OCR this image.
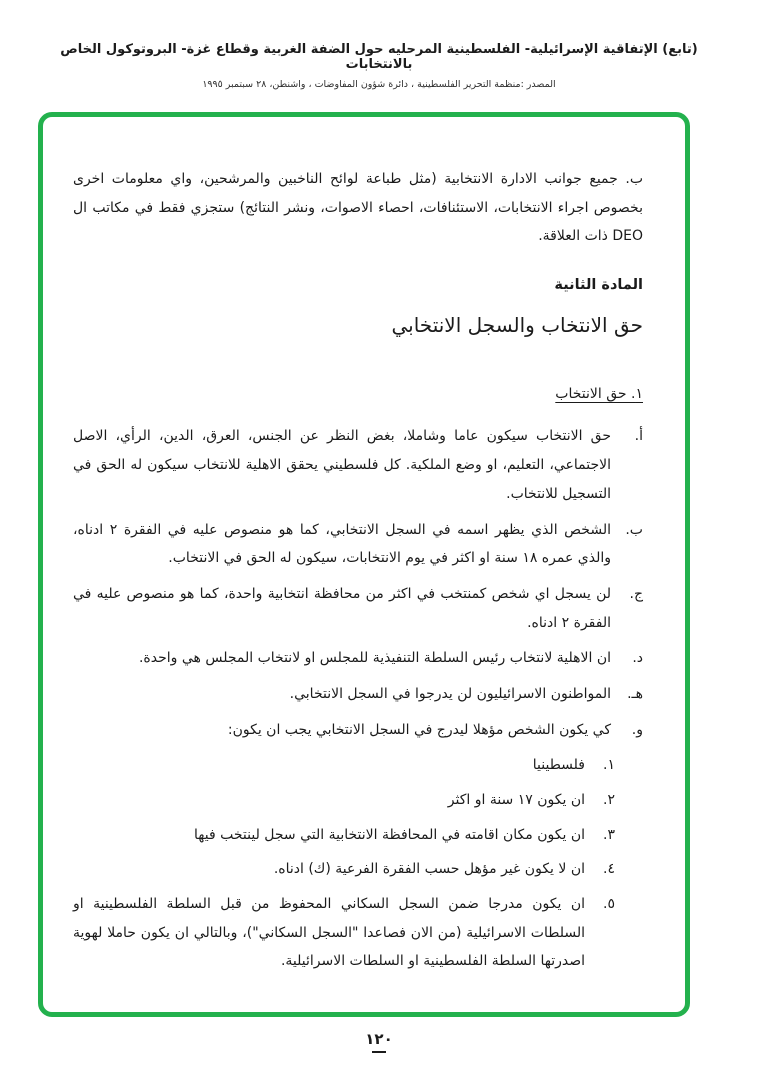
(تابع) الإتفاقية الإسرائيلية- الفلسطينية المرحليه حول الضفة الغربية وقطاع غزة- البروتوكول الخاص بالانتخابات
المصدر :منظمة التحرير الفلسطينية ، دائرة شؤون المفاوضات ، واشنطن، ٢٨ سبتمبر ١٩٩٥
ب. جميع جوانب الادارة الانتخابية (مثل طباعة لوائح الناخبين والمرشحين، واي معلومات اخرى بخصوص اجراء الانتخابات، الاستئنافات، احصاء الاصوات، ونشر النتائج) ستجزي فقط في مكاتب ال DEO ذات العلاقة.
المادة الثانية
حق الانتخاب والسجل الانتخابي
١. حق الانتخاب
أ.
حق الانتخاب سيكون عاما وشاملا، بغض النظر عن الجنس، العرق، الدين، الرأي، الاصل الاجتماعي، التعليم، او وضع الملكية. كل فلسطيني يحقق الاهلية للانتخاب سيكون له الحق في التسجيل للانتخاب.
ب.
الشخص الذي يظهر اسمه في السجل الانتخابي، كما هو منصوص عليه في الفقرة ٢ ادناه، والذي عمره ١٨ سنة او اكثر في يوم الانتخابات، سيكون له الحق في الانتخاب.
ج.
لن يسجل اي شخص كمنتخب في اكثر من محافظة انتخابية واحدة، كما هو منصوص عليه في الفقرة ٢ ادناه.
د.
ان الاهلية لانتخاب رئيس السلطة التنفيذية للمجلس او لانتخاب المجلس هي واحدة.
هـ.
المواطنون الاسرائيليون لن يدرجوا في السجل الانتخابي.
و.
كي يكون الشخص مؤهلا ليدرج في السجل الانتخابي يجب ان يكون:
١.
فلسطينيا
٢.
ان يكون ١٧ سنة او اكثر
٣.
ان يكون مكان اقامته في المحافظة الانتخابية التي سجل لينتخب فيها
٤.
ان لا يكون غير مؤهل حسب الفقرة الفرعية (ك) ادناه.
٥.
ان يكون مدرجا ضمن السجل السكاني المحفوظ من قبل السلطة الفلسطينية او السلطات الاسرائيلية (من الان فصاعدا "السجل السكاني")، وبالتالي ان يكون حاملا لهوية اصدرتها السلطة الفلسطينية او السلطات الاسرائيلية.
١٢٠
